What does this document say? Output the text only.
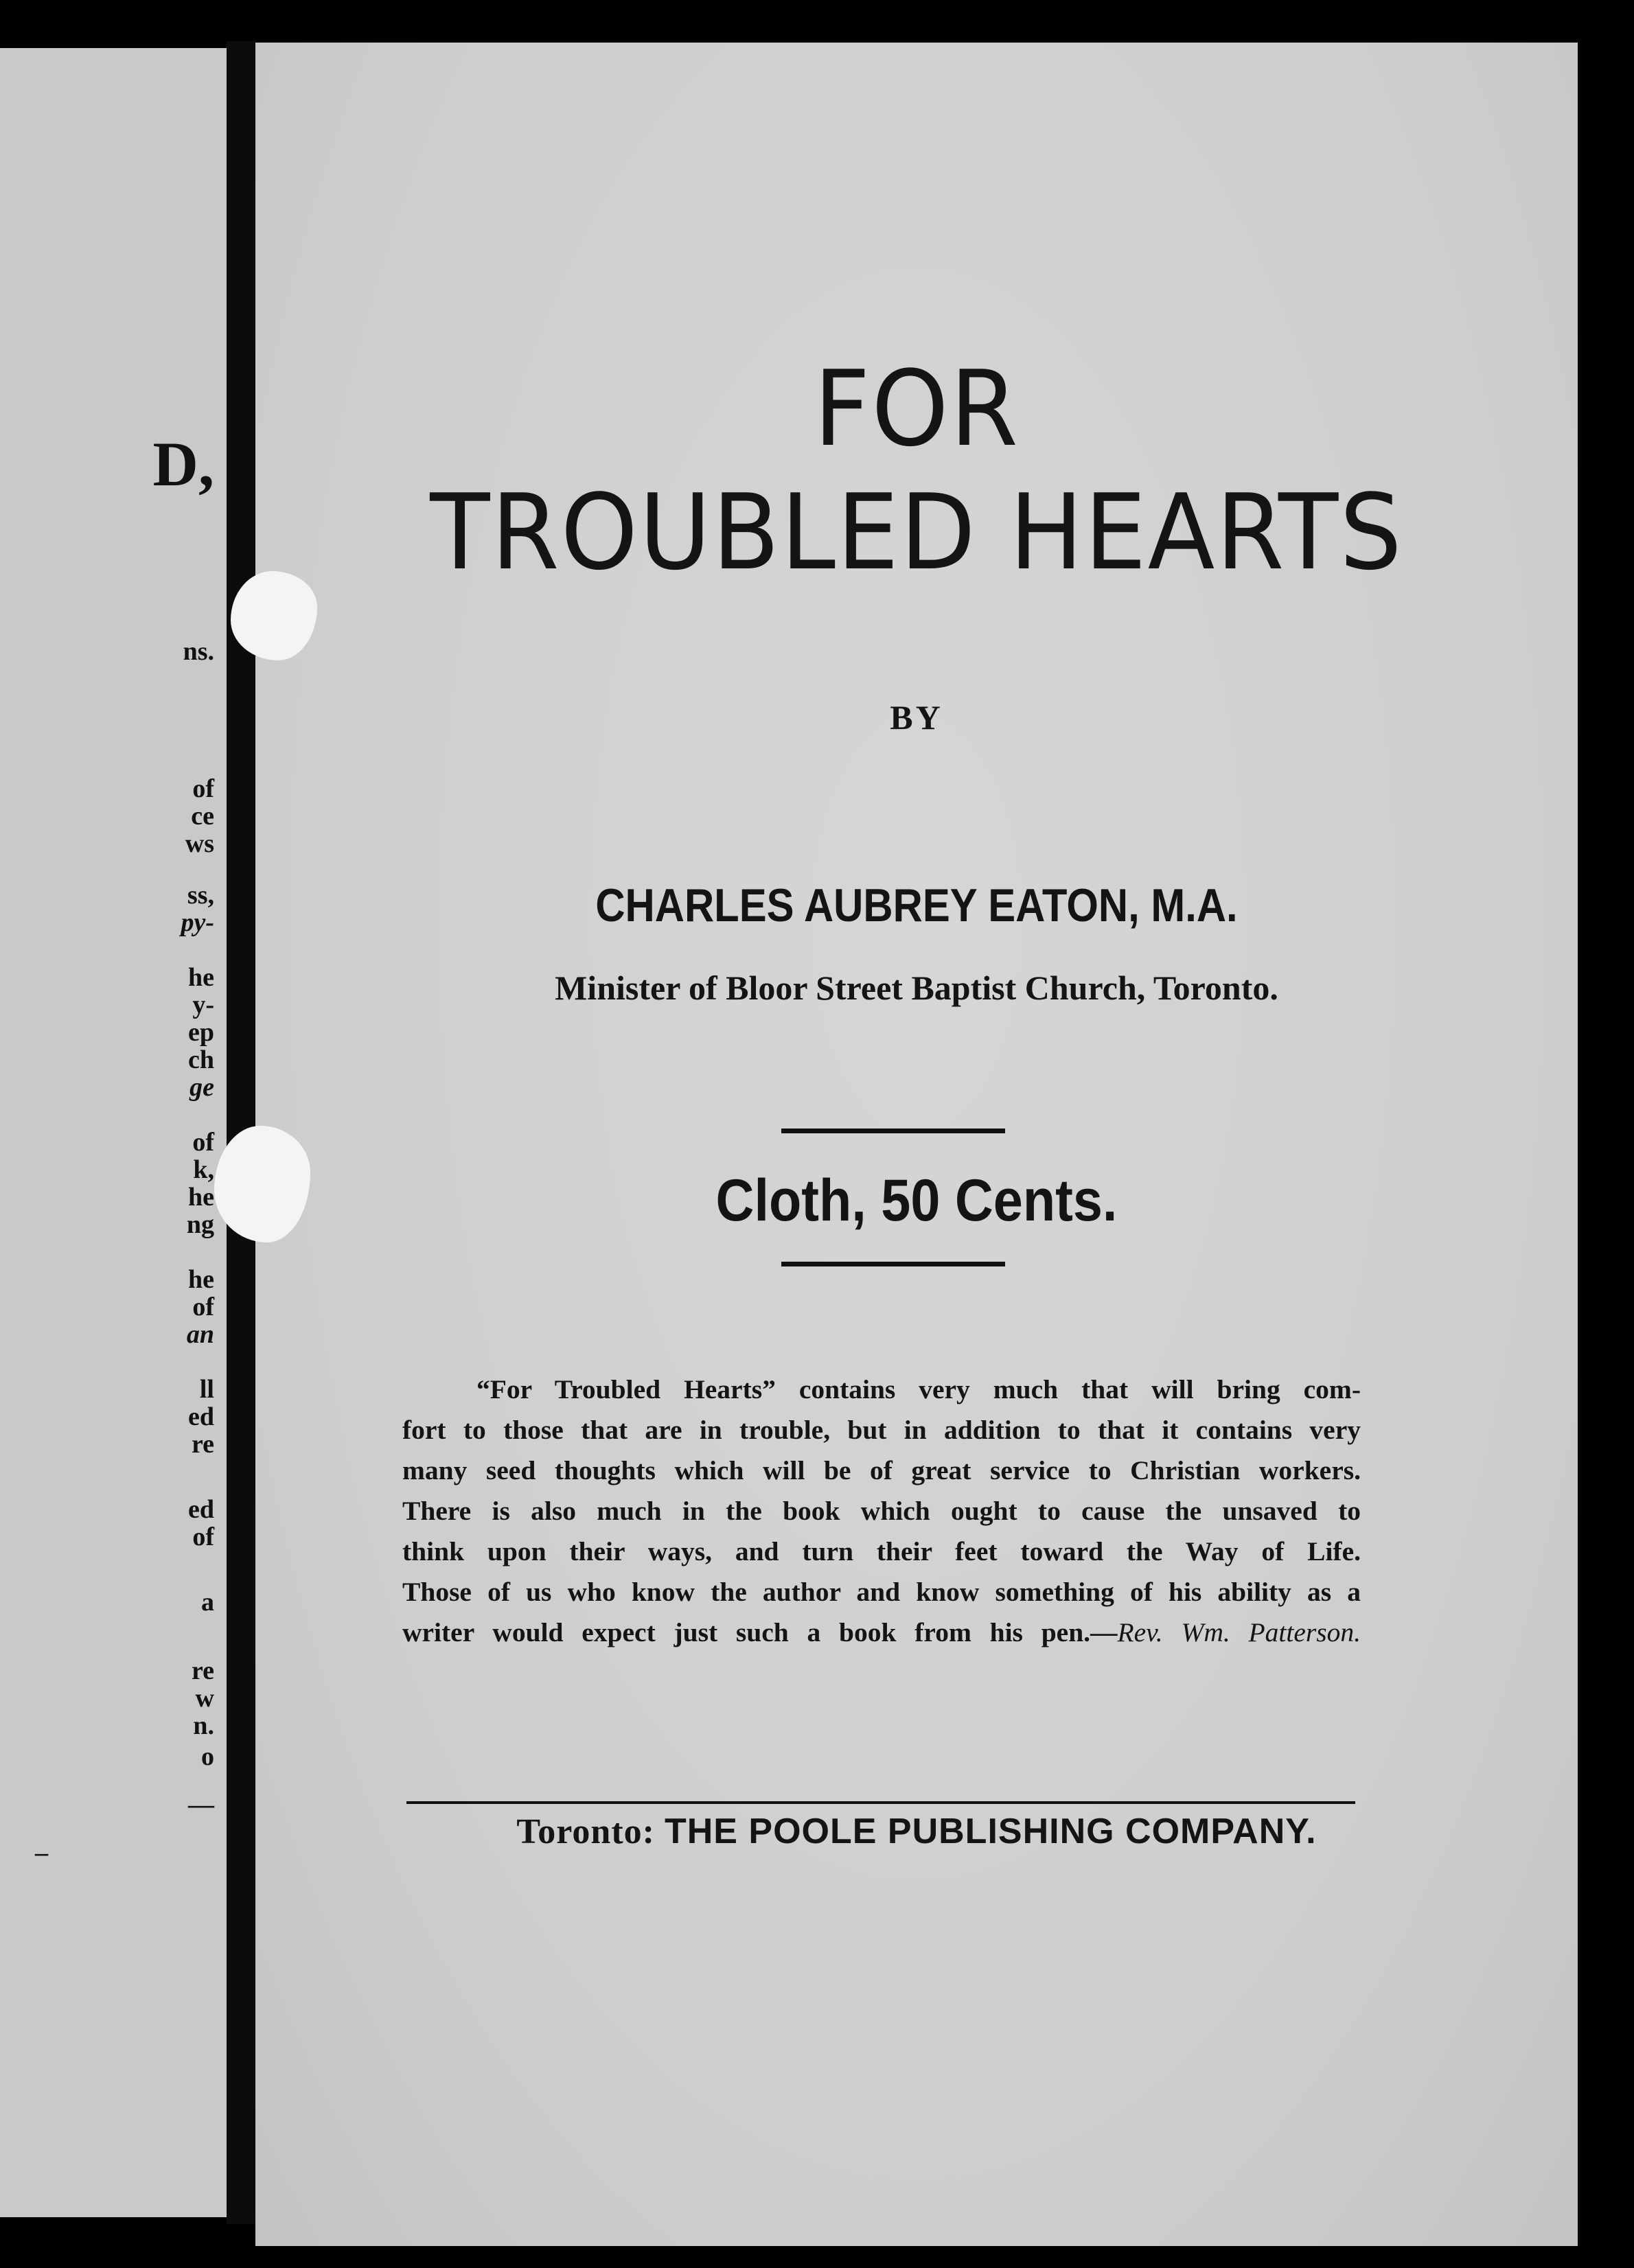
D,
ns.
of
ce
ws
ss,
py-
he
y-
ep
ch
ge
of
k,
he
ng
he
of
an
ll
ed
re
ed
of
a
re
w
n.
o
—
–
FOR
TROUBLED HEARTS
BY
CHARLES AUBREY EATON, M.A.
Minister of Bloor Street Baptist Church, Toronto.
Cloth, 50 Cents.
“For Troubled Hearts” contains very much that will bring com-
fort to those that are in trouble, but in addition to that it contains very
many seed thoughts which will be of great service to Christian workers.
There is also much in the book which ought to cause the unsaved to
think upon their ways, and turn their feet toward the Way of Life.
Those of us who know the author and know something of his ability as a
writer would expect just such a book from his pen.—Rev. Wm. Patterson.
Toronto: THE POOLE PUBLISHING COMPANY.
